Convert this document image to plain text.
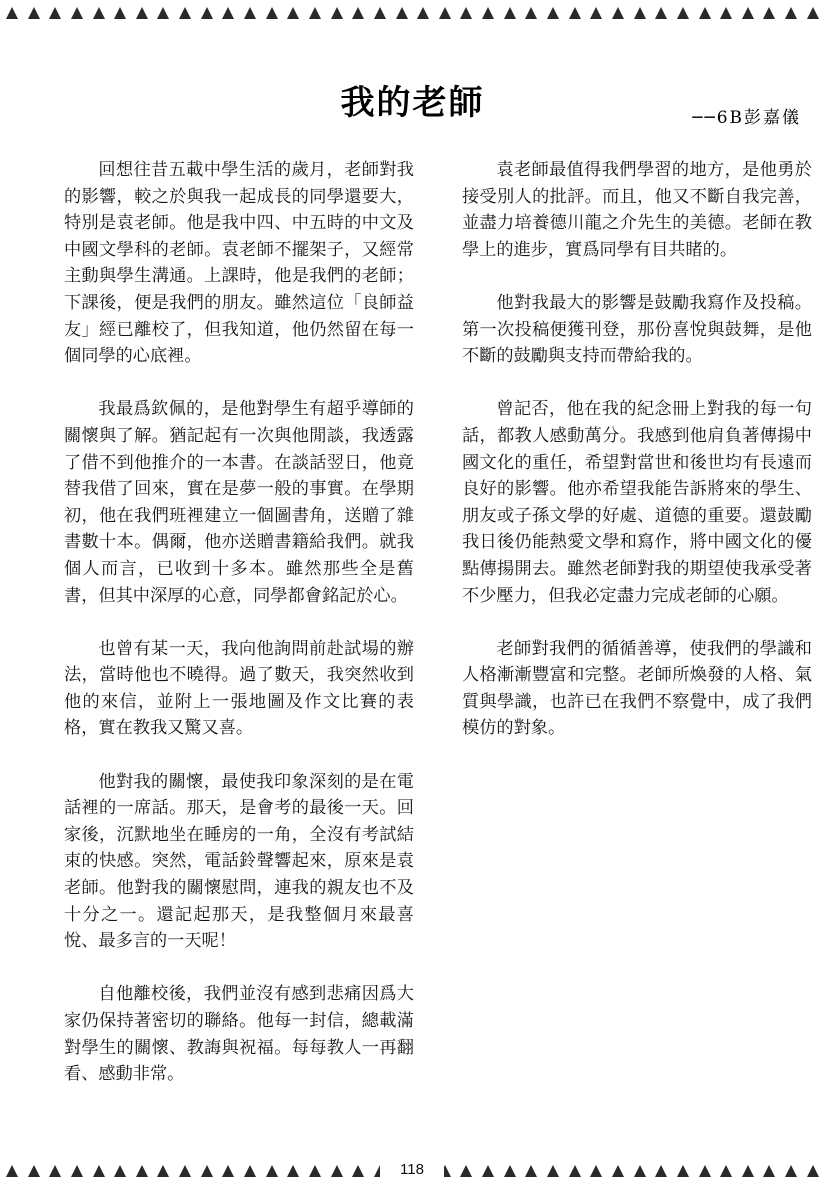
我的老師	──6B彭嘉儀

回想往昔五載中學生活的歲月，老師對我的影響，較之於與我一起成長的同學還要大，特別是袁老師。他是我中四、中五時的中文及中國文學科的老師。袁老師不擺架子，又經常主動與學生溝通。上課時，他是我們的老師；下課後，便是我們的朋友。雖然這位「良師益友」經已離校了，但我知道，他仍然留在每一個同學的心底裡。

我最爲欽佩的，是他對學生有超乎導師的關懷與了解。猶記起有一次與他閒談，我透露了借不到他推介的一本書。在談話翌日，他竟替我借了回來，實在是夢一般的事實。在學期初，他在我們班裡建立一個圖書角，送贈了雜書數十本。偶爾，他亦送贈書籍給我們。就我個人而言，已收到十多本。雖然那些全是舊書，但其中深厚的心意，同學都會銘記於心。

也曾有某一天，我向他詢問前赴試場的辦法，當時他也不曉得。過了數天，我突然收到他的來信，並附上一張地圖及作文比賽的表格，實在教我又驚又喜。

他對我的關懷，最使我印象深刻的是在電話裡的一席話。那天，是會考的最後一天。回家後，沉默地坐在睡房的一角，全沒有考試結束的快感。突然，電話鈴聲響起來，原來是袁老師。他對我的關懷慰問，連我的親友也不及十分之一。還記起那天，是我整個月來最喜悅、最多言的一天呢！

自他離校後，我們並沒有感到悲痛因爲大家仍保持著密切的聯絡。他每一封信，總載滿對學生的關懷、教誨與祝福。每每教人一再翻看、感動非常。

袁老師最值得我們學習的地方，是他勇於接受別人的批評。而且，他又不斷自我完善，並盡力培養德川龍之介先生的美德。老師在教學上的進步，實爲同學有目共睹的。

他對我最大的影響是鼓勵我寫作及投稿。第一次投稿便獲刊登，那份喜悅與鼓舞，是他不斷的鼓勵與支持而帶給我的。

曾記否，他在我的紀念冊上對我的每一句話，都教人感動萬分。我感到他肩負著傳揚中國文化的重任，希望對當世和後世均有長遠而良好的影響。他亦希望我能告訴將來的學生、朋友或子孫文學的好處、道德的重要。還鼓勵我日後仍能熱愛文學和寫作，將中國文化的優點傳揚開去。雖然老師對我的期望使我承受著不少壓力，但我必定盡力完成老師的心願。

老師對我們的循循善導，使我們的學識和人格漸漸豐富和完整。老師所煥發的人格、氣質與學識，也許已在我們不察覺中，成了我們模仿的對象。

118
